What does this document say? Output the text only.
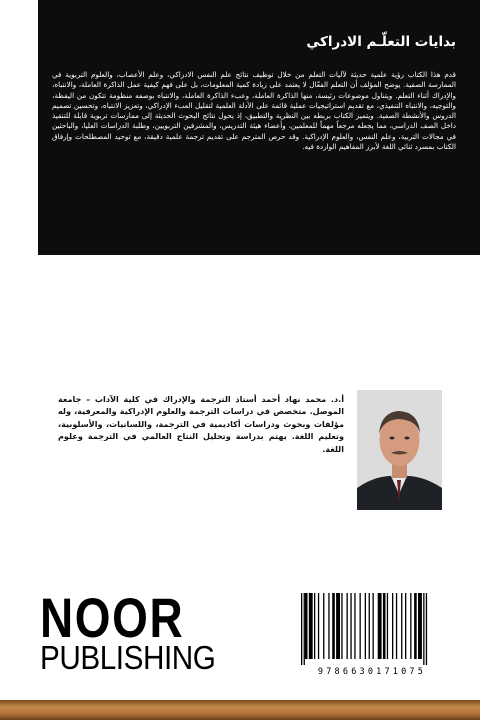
بدايات التعلّـم الادراكي

قدم هذا الكتاب رؤية علمية حديثة لآليات التعلم من خلال توظيف نتائج علم النفس الادراكي، وعلم الأعصاب، والعلوم التربوية في الممارسة الصفية. يوضح المؤلف أن التعلم الفعّال لا يعتمد على زيادة كمية المعلومات، بل على فهم كيفية عمل الذاكرة العاملة، والانتباه، والإدراك أثناء التعلم. ويتناول موضوعات رئيسة، منها الذاكرة العاملة، وعبء الذاكرة العاملة، والانتباه بوصفه منظومة تتكون من اليقظة، والتوجيه، والانتباه التنفيذي، مع تقديم استراتيجيات عملية قائمة على الأدلة العلمية لتقليل العبء الإدراكي، وتعزيز الانتباه، وتحسين تصميم الدروس والأنشطة الصفية. ويتميز الكتاب بربطه بين النظرية والتطبيق، إذ يحول نتائج البحوث الحديثة إلى ممارسات تربوية قابلة للتنفيذ داخل الصف الدراسي، مما يجعله مرجعاً مهماً للمعلمين، وأعضاء هيئة التدريس، والمشرفين التربويين، وطلبة الدراسات العليا، والباحثين في مجالات التربية، وعلم النفس، والعلوم الإدراكية. وقد حرص المترجم على تقديم ترجمة علمية دقيقة، مع توحيد المصطلحات وإرفاق الكتاب بمسرد ثنائي اللغة لأبرز المفاهيم الواردة فيه.

أ.د. محمد نهاد أحمد أستاذ الترجمة والإدراك في كلية الآداب – جامعة الموصل. متخصص في دراسات الترجمة والعلوم الإدراكية والمعرفية، وله مؤلفات وبحوث ودراسات أكاديمية في الترجمة، واللسانيات، والأسلوبية، وتعليم اللغة. يهتم بدراسة وتحليل النتاج العالمي في الترجمة وعلوم اللغة.

NOOR
PUBLISHING	9786630171075
